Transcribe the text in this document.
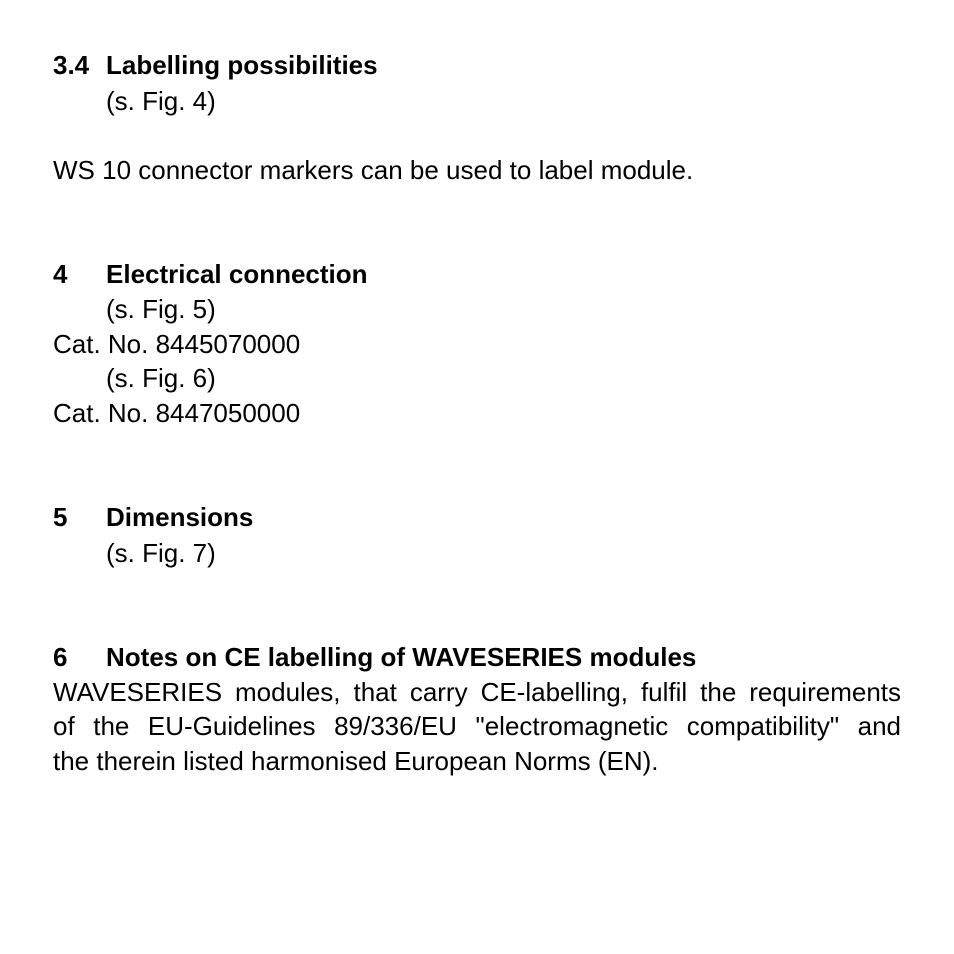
3.4 Labelling possibilities
(s. Fig. 4)
WS 10 connector markers can be used to label module.
4 Electrical connection
(s. Fig. 5)
Cat. No. 8445070000
(s. Fig. 6)
Cat. No. 8447050000
5 Dimensions
(s. Fig. 7)
6 Notes on CE labelling of WAVESERIES modules
WAVESERIES modules, that carry CE-labelling, fulfil the requirements
of the EU-Guidelines 89/336/EU "electromagnetic compatibility" and
the therein listed harmonised European Norms (EN).
